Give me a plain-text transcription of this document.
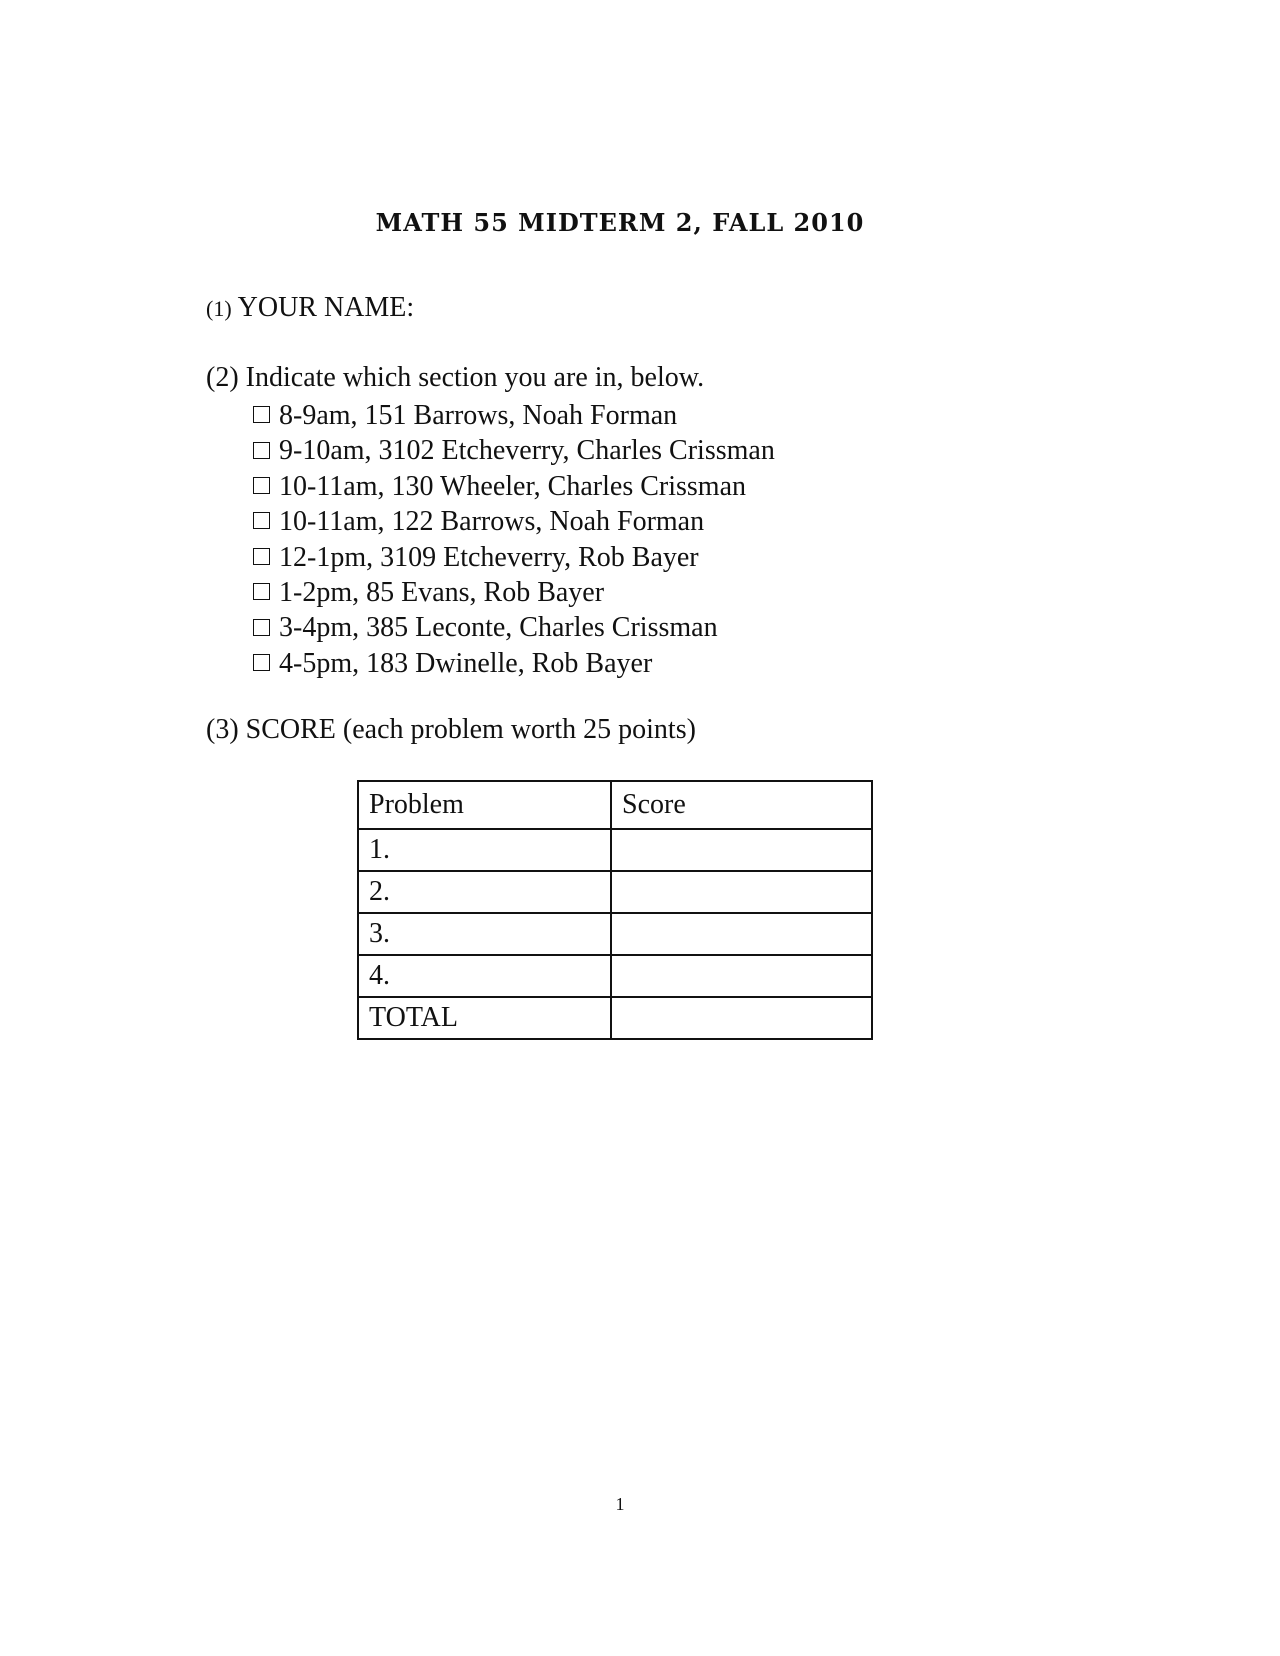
MATH 55 MIDTERM 2, FALL 2010
(1) YOUR NAME:
(2) Indicate which section you are in, below.
8-9am, 151 Barrows, Noah Forman
9-10am, 3102 Etcheverry, Charles Crissman
10-11am, 130 Wheeler, Charles Crissman
10-11am, 122 Barrows, Noah Forman
12-1pm, 3109 Etcheverry, Rob Bayer
1-2pm, 85 Evans, Rob Bayer
3-4pm, 385 Leconte, Charles Crissman
4-5pm, 183 Dwinelle, Rob Bayer
(3) SCORE (each problem worth 25 points)
Problem	Score
1.	
2.	
3.	
4.	
TOTAL	
1
